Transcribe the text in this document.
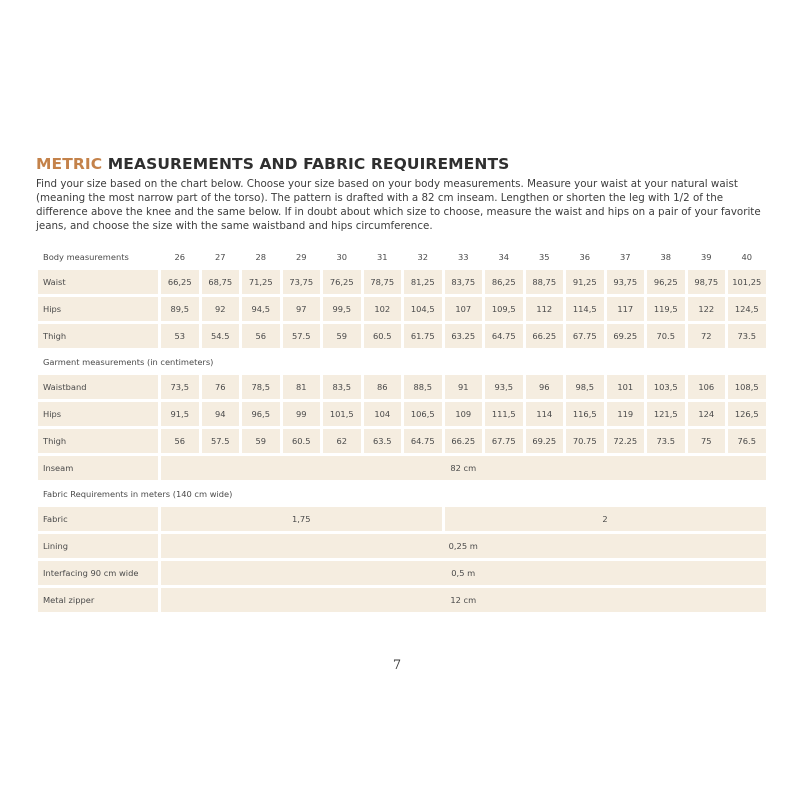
METRIC MEASUREMENTS AND FABRIC REQUIREMENTS

Find your size based on the chart below. Choose your size based on your body measurements. Measure your waist at your natural waist (meaning the most narrow part of the torso). The pattern is drafted with a 82 cm inseam. Lengthen or shorten the leg with 1/2 of the difference above the knee and the same below. If in doubt about which size to choose, measure the waist and hips on a pair of your favorite jeans, and choose the size with the same waistband and hips circumference.

Body measurements	26	27	28	29	30	31	32	33	34	35	36	37	38	39	40
Waist	66,25	68,75	71,25	73,75	76,25	78,75	81,25	83,75	86,25	88,75	91,25	93,75	96,25	98,75	101,25
Hips	89,5	92	94,5	97	99,5	102	104,5	107	109,5	112	114,5	117	119,5	122	124,5
Thigh	53	54.5	56	57.5	59	60.5	61.75	63.25	64.75	66.25	67.75	69.25	70.5	72	73.5
Garment measurements (in centimeters)															
Waistband	73,5	76	78,5	81	83,5	86	88,5	91	93,5	96	98,5	101	103,5	106	108,5
Hips	91,5	94	96,5	99	101,5	104	106,5	109	111,5	114	116,5	119	121,5	124	126,5
Thigh	56	57.5	59	60.5	62	63.5	64.75	66.25	67.75	69.25	70.75	72.25	73.5	75	76.5
Inseam	82 cm														
Fabric Requirements in meters (140 cm wide)															
Fabric	1,75							2							
Lining	0,25 m														
Interfacing 90 cm wide	0,5 m														
Metal zipper	12 cm														
7
